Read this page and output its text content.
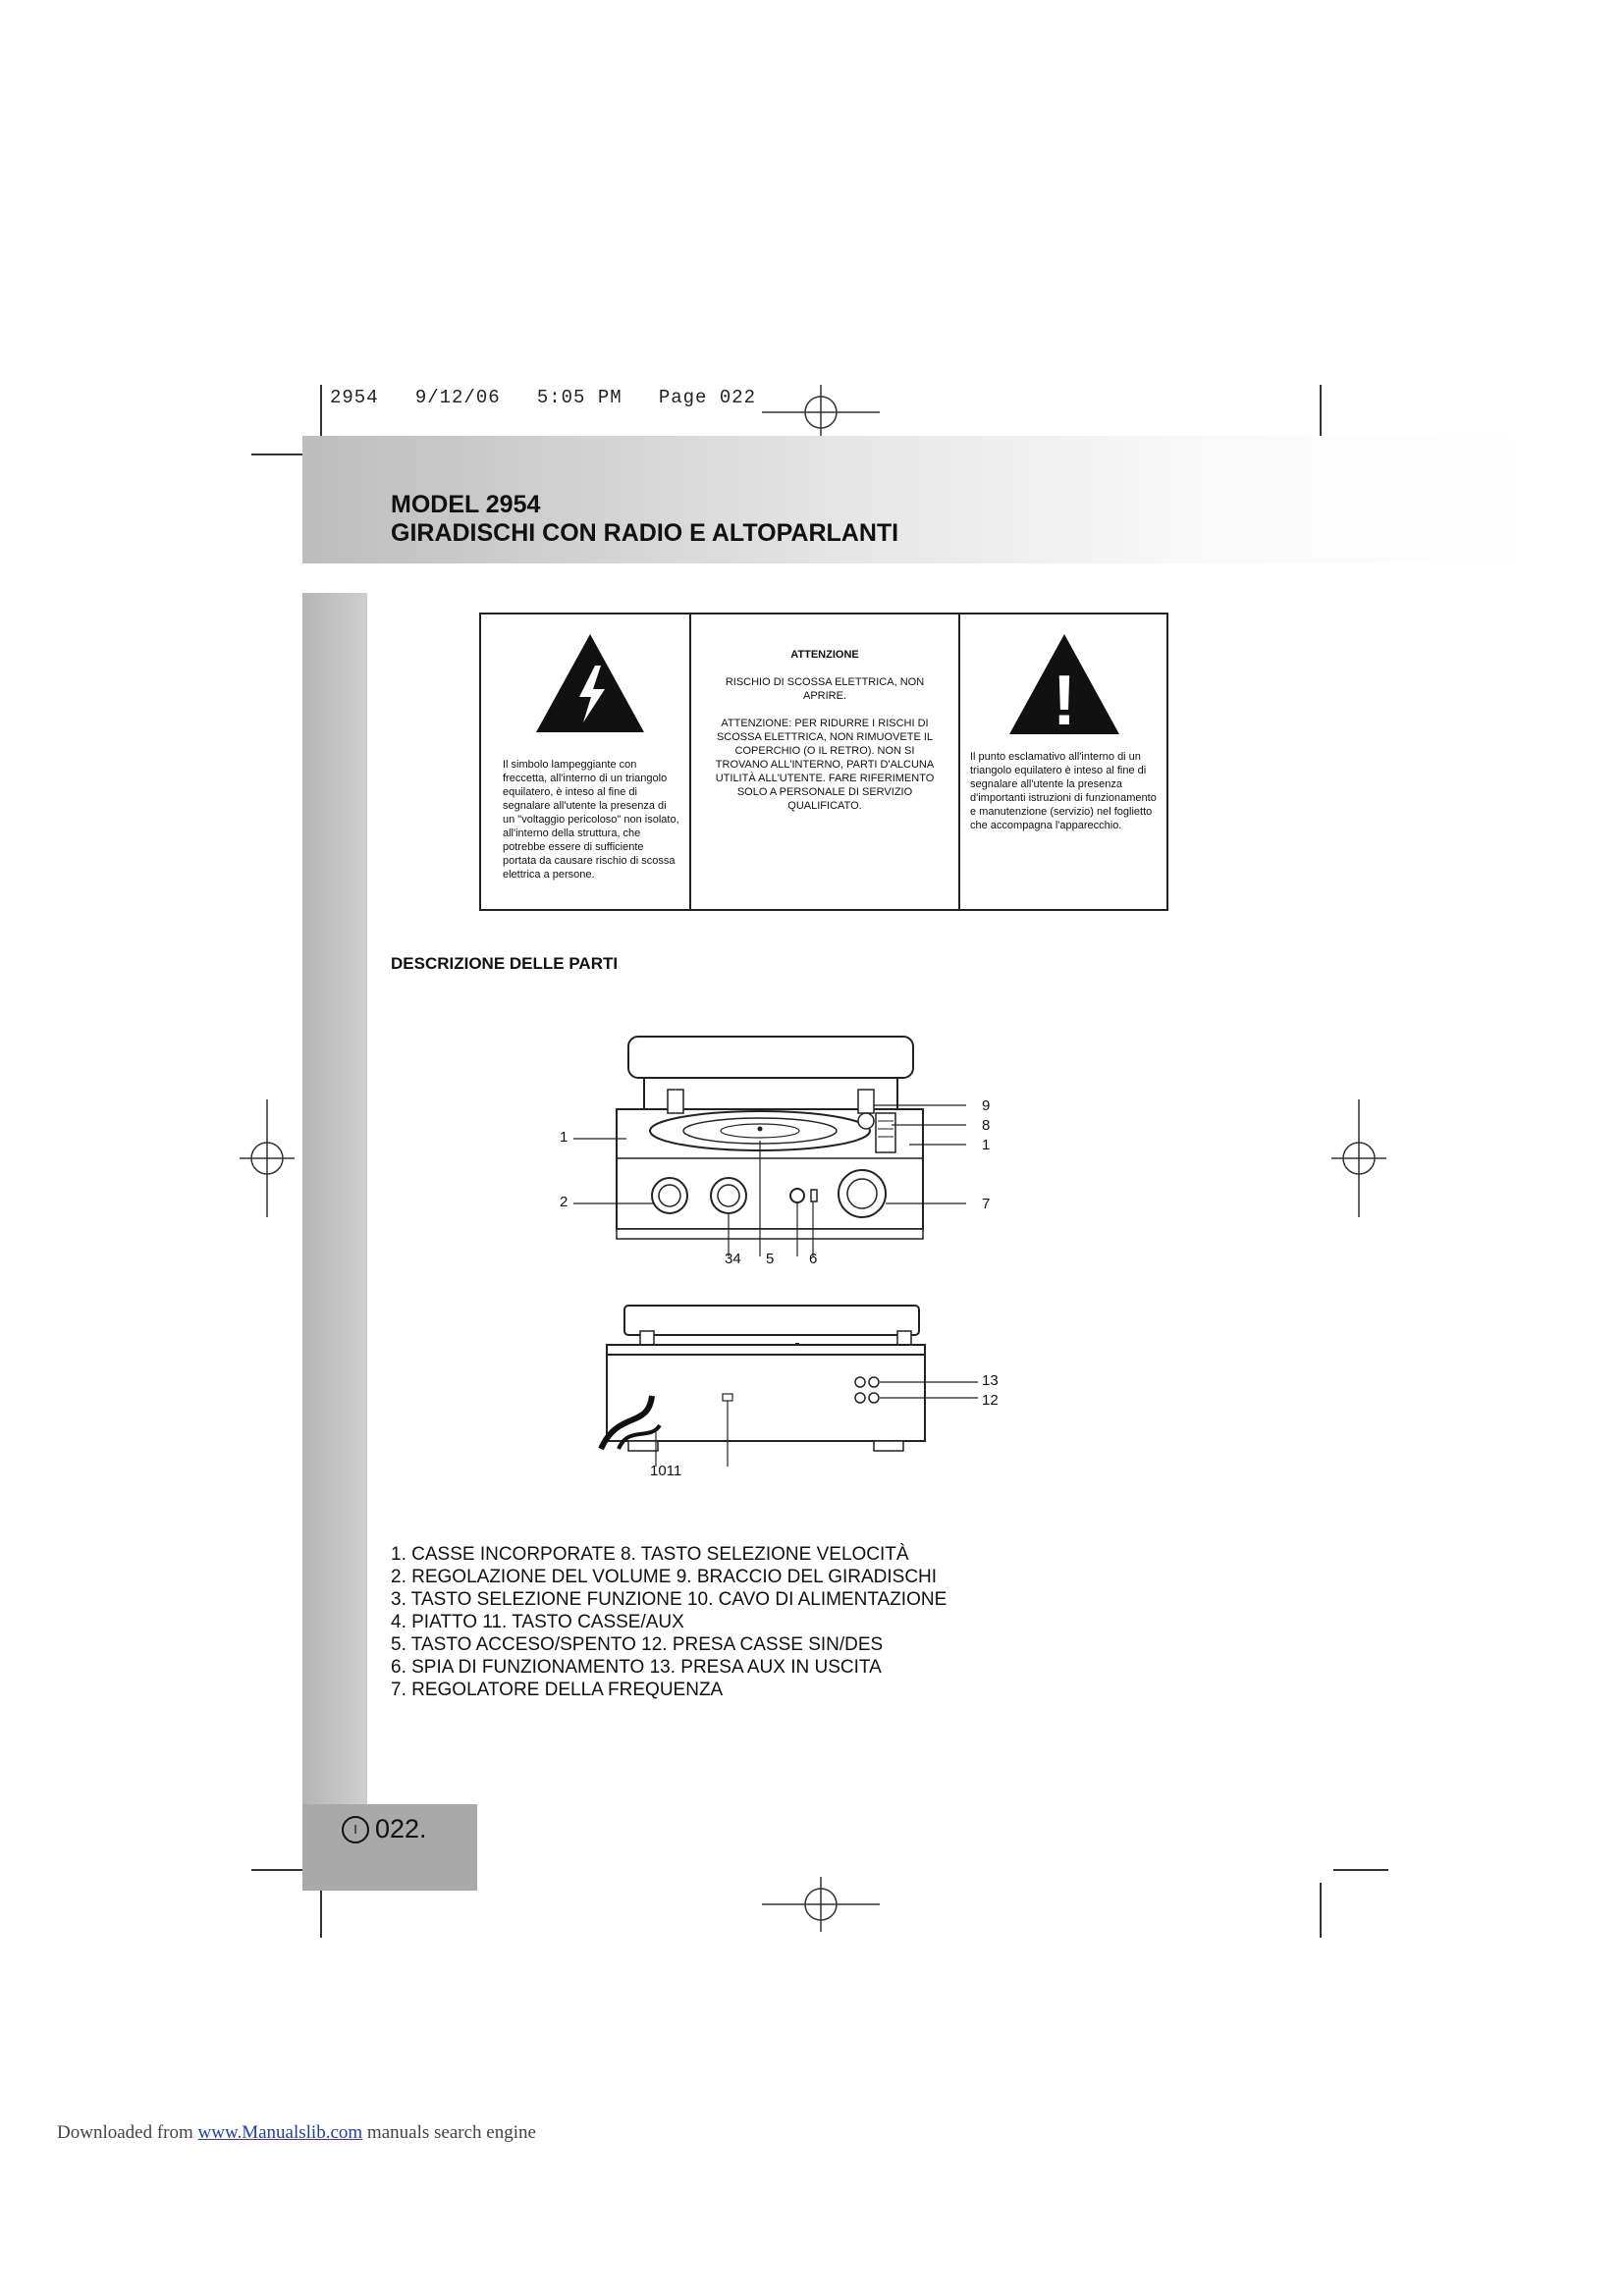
2954   9/12/06   5:05 PM   Page 022
MODEL 2954
GIRADISCHI CON RADIO E ALTOPARLANTI
Il simbolo lampeggiante con freccetta, all'interno di un triangolo equilatero, è inteso al fine di segnalare all'utente la presenza di un "voltaggio pericoloso" non isolato, all'interno della struttura, che potrebbe essere di sufficiente portata da causare rischio di scossa elettrica a persone.
ATTENZIONE
RISCHIO DI SCOSSA ELETTRICA, NON APRIRE.
ATTENZIONE: PER RIDURRE I RISCHI DI SCOSSA ELETTRICA, NON RIMUOVETE IL COPERCHIO (O IL RETRO). NON SI TROVANO ALL'INTERNO, PARTI D'ALCUNA UTILITÀ ALL'UTENTE. FARE RIFERIMENTO SOLO A PERSONALE DI SERVIZIO QUALIFICATO.
!
Il punto esclamativo all'interno di un triangolo equilatero è inteso al fine di segnalare all'utente la presenza d'importanti istruzioni di funzionamento e manutenzione (servizio) nel foglietto che accompagna l'apparecchio.
DESCRIZIONE DELLE PARTI
1
2
34 5 6
7
9
8
1
13
12
1011
1. CASSE INCORPORATE 8. TASTO SELEZIONE VELOCITÀ
2. REGOLAZIONE DEL VOLUME 9. BRACCIO DEL GIRADISCHI
3. TASTO SELEZIONE FUNZIONE 10. CAVO DI ALIMENTAZIONE
4. PIATTO 11. TASTO CASSE/AUX
5. TASTO ACCESO/SPENTO 12. PRESA CASSE SIN/DES
6. SPIA DI FUNZIONAMENTO 13. PRESA AUX IN USCITA
7. REGOLATORE DELLA FREQUENZA
I 022.
Downloaded from www.Manualslib.com manuals search engine
